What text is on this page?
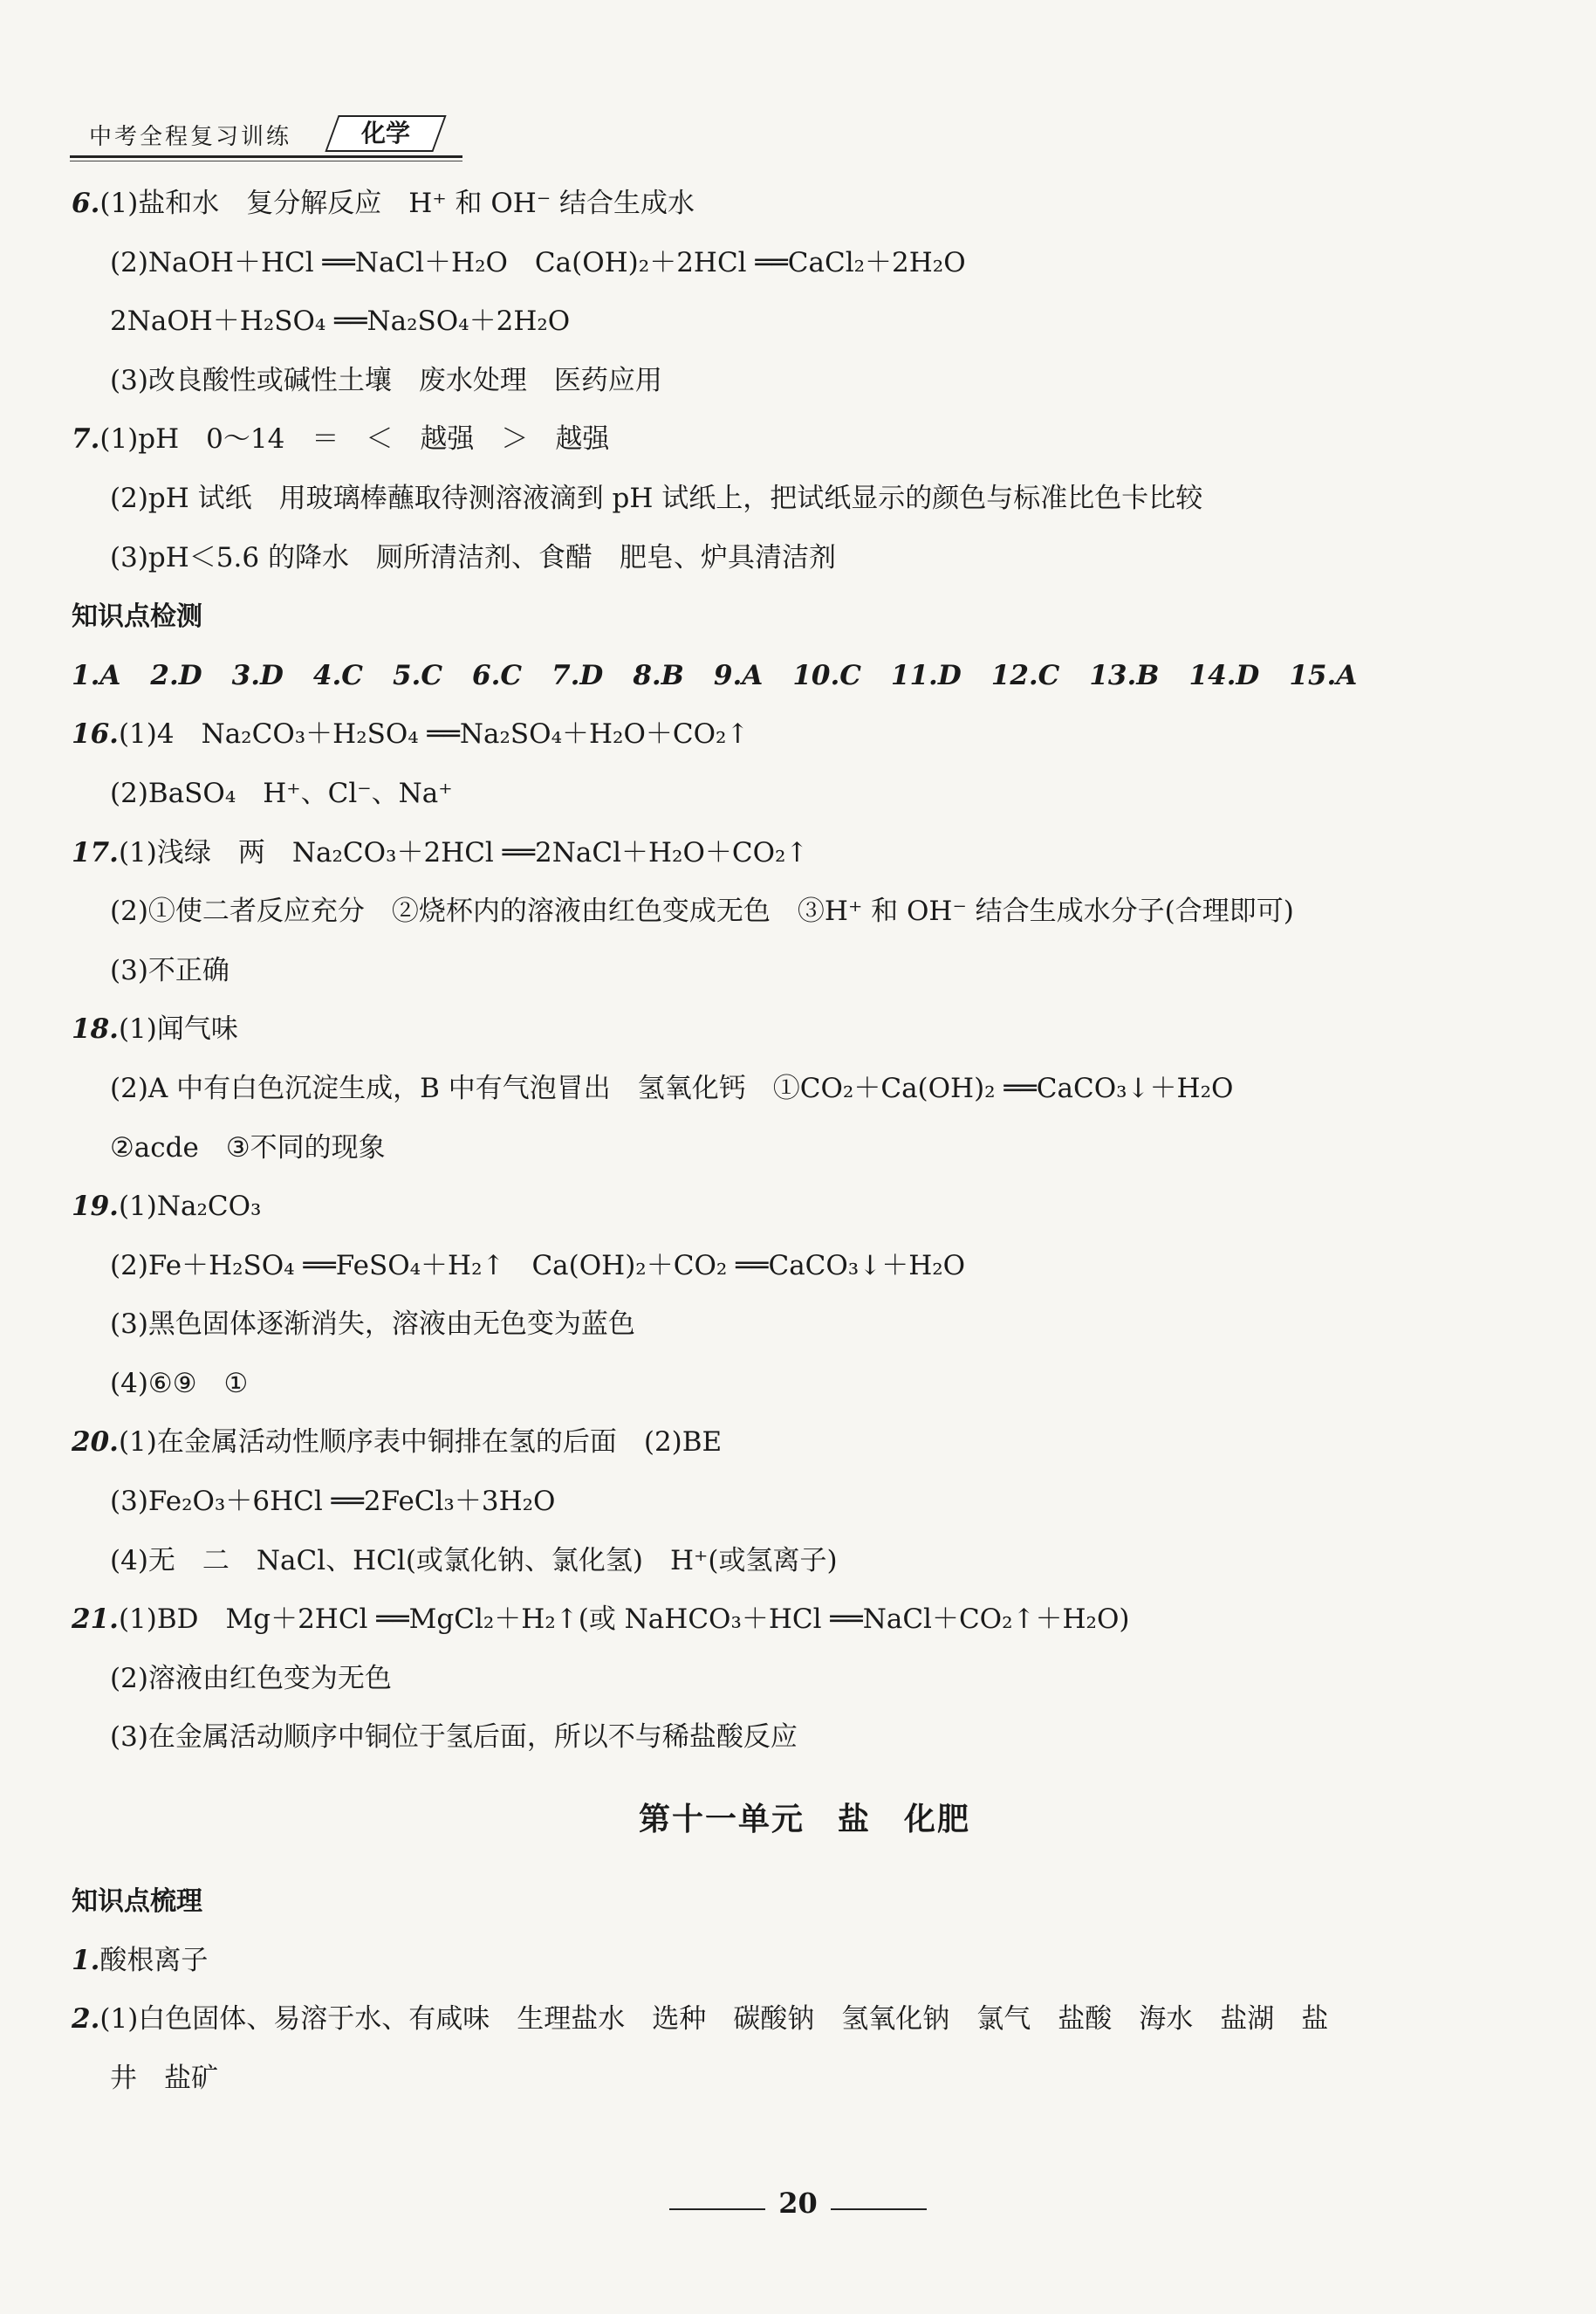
中考全程复习训练	化学
6.(1)盐和水　复分解反应　H⁺ 和 OH⁻ 结合生成水
(2)NaOH＋HCl ══NaCl＋H₂O　Ca(OH)₂＋2HCl ══CaCl₂＋2H₂O
2NaOH＋H₂SO₄ ══Na₂SO₄＋2H₂O
(3)改良酸性或碱性土壤　废水处理　医药应用
7.(1)pH　0～14　＝　＜　越强　＞　越强
(2)pH 试纸　用玻璃棒蘸取待测溶液滴到 pH 试纸上，把试纸显示的颜色与标准比色卡比较
(3)pH＜5.6 的降水　厕所清洁剂、食醋　肥皂、炉具清洁剂
知识点检测
1.A 2.D 3.D 4.C 5.C 6.C 7.D 8.B 9.A 10.C 11.D 12.C 13.B 14.D 15.A
16.(1)4　Na₂CO₃＋H₂SO₄ ══Na₂SO₄＋H₂O＋CO₂↑
(2)BaSO₄　H⁺、Cl⁻、Na⁺
17.(1)浅绿　两　Na₂CO₃＋2HCl ══2NaCl＋H₂O＋CO₂↑
(2)①使二者反应充分　②烧杯内的溶液由红色变成无色　③H⁺ 和 OH⁻ 结合生成水分子(合理即可)
(3)不正确
18.(1)闻气味
(2)A 中有白色沉淀生成，B 中有气泡冒出　氢氧化钙　①CO₂＋Ca(OH)₂ ══CaCO₃↓＋H₂O
②acde　③不同的现象
19.(1)Na₂CO₃
(2)Fe＋H₂SO₄ ══FeSO₄＋H₂↑　Ca(OH)₂＋CO₂ ══CaCO₃↓＋H₂O
(3)黑色固体逐渐消失，溶液由无色变为蓝色
(4)⑥⑨　①
20.(1)在金属活动性顺序表中铜排在氢的后面　(2)BE
(3)Fe₂O₃＋6HCl ══2FeCl₃＋3H₂O
(4)无　二　NaCl、HCl(或氯化钠、氯化氢)　H⁺(或氢离子)
21.(1)BD　Mg＋2HCl ══MgCl₂＋H₂↑(或 NaHCO₃＋HCl ══NaCl＋CO₂↑＋H₂O)
(2)溶液由红色变为无色
(3)在金属活动顺序中铜位于氢后面，所以不与稀盐酸反应
第十一单元　盐　化肥
知识点梳理
1.酸根离子
2.(1)白色固体、易溶于水、有咸味　生理盐水　选种　碳酸钠　氢氧化钠　氯气　盐酸　海水　盐湖　盐
井　盐矿
20
